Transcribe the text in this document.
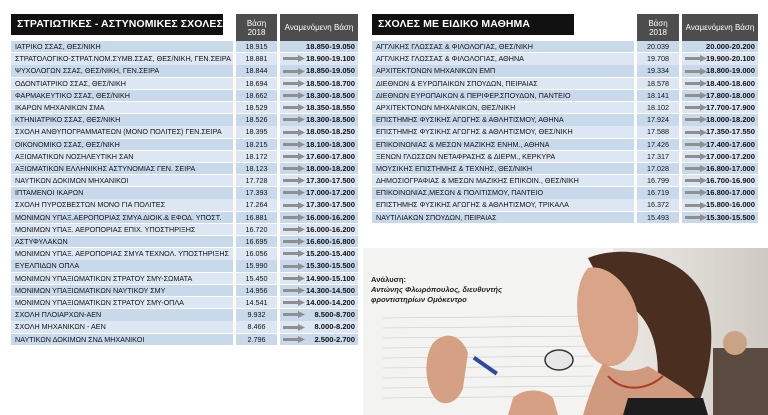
ΣΤΡΑΤΙΩΤΙΚΕΣ - ΑΣΤΥΝΟΜΙΚΕΣ ΣΧΟΛΕΣ	Βάση 2018	Αναμενόμενη Βάση
ΙΑΤΡΙΚΟ ΣΣΑΣ, ΘΕΣ/ΝΙΚΗ	18.915	18.850-19.050
ΣΤΡΑΤΟΛΟΓΙΚΟ-ΣΤΡΑΤ.ΝΟΜ.ΣΥΜΒ.ΣΣΑΣ, ΘΕΣ/ΝΙΚΗ, ΓΕΝ.ΣΕΙΡΑ	18.881	18.900-19.100
ΨΥΧΟΛΟΓΩΝ ΣΣΑΣ, ΘΕΣ/ΝΙΚΗ, ΓΕΝ.ΣΕΙΡΑ	18.844	18.850-19.050
ΟΔΟΝΤΙΑΤΡΙΚΟ ΣΣΑΣ, ΘΕΣ/ΝΙΚΗ	18.694	18.500-18.700
ΦΑΡΜΑΚΕΥΤΙΚΟ ΣΣΑΣ, ΘΕΣ/ΝΙΚΗ	18.662	18.300-18.500
ΙΚΑΡΩΝ ΜΗΧΑΝΙΚΩΝ ΣΜΑ	18.529	18.350-18.550
ΚΤΗΝΙΑΤΡΙΚΟ ΣΣΑΣ, ΘΕΣ/ΝΙΚΗ	18.526	18.300-18.500
ΣΧΟΛΗ ΑΝΘΥΠΟΓΡΑΜΜΑΤΕΩΝ (ΜΟΝΟ ΠΟΛΙΤΕΣ) ΓΕΝ.ΣΕΙΡΑ	18.395	18.050-18.250
ΟΙΚΟΝΟΜΙΚΟ ΣΣΑΣ, ΘΕΣ/ΝΙΚΗ	18.215	18.100-18.300
ΑΞΙΩΜΑΤΙΚΩΝ ΝΟΣΗΛΕΥΤΙΚΗ ΣΑΝ	18.172	17.600-17.800
ΑΞΙΩΜΑΤΙΚΩΝ ΕΛΛΗΝΙΚΗΣ ΑΣΤΥΝΟΜΙΑΣ ΓΕΝ. ΣΕΙΡΑ	18.123	18.000-18.200
ΝΑΥΤΙΚΩΝ ΔΟΚΙΜΩΝ ΜΗΧΑΝΙΚΟΙ	17.728	17.300-17.500
ΙΠΤΑΜΕΝΟΙ ΙΚΑΡΩΝ	17.393	17.000-17.200
ΣΧΟΛΗ ΠΥΡΟΣΒΕΣΤΩΝ ΜΟΝΟ ΓΙΑ ΠΟΛΙΤΕΣ	17.264	17.300-17.500
ΜΟΝΙΜΩΝ ΥΠΑΞ.ΑΕΡΟΠΟΡΙΑΣ ΣΜΥΑ ΔΙΟΙΚ.& ΕΦΟΔ. ΥΠΟΣΤ.	16.881	16.000-16.200
ΜΟΝΙΜΩΝ ΥΠΑΞ. ΑΕΡΟΠΟΡΙΑΣ ΕΠΙΧ. ΥΠΟΣΤΗΡΙΞΗΣ	16.720	16.000-16.200
ΑΣΤΥΦΥΛΑΚΩΝ	16.695	16.600-16.800
ΜΟΝΙΜΩΝ ΥΠΑΞ. ΑΕΡΟΠΟΡΙΑΣ ΣΜΥΑ ΤΕΧΝΟΛ. ΥΠΟΣΤΗΡΙΞΗΣ	16.056	15.200-15.400
ΕΥΕΛΠΙΔΩΝ ΟΠΛΑ	15.990	15.300-15.500
ΜΟΝΙΜΩΝ ΥΠΑΞΙΩΜΑΤΙΚΩΝ ΣΤΡΑΤΟΥ ΣΜΥ-ΣΩΜΑΤΑ	15.450	14.900-15.100
ΜΟΝΙΜΩΝ ΥΠΑΞΙΩΜΑΤΙΚΩΝ ΝΑΥΤΙΚΟΥ ΣΜΥ	14.956	14.300-14.500
ΜΟΝΙΜΩΝ ΥΠΑΞΙΩΜΑΤΙΚΩΝ ΣΤΡΑΤΟΥ ΣΜΥ-ΟΠΛΑ	14.541	14.000-14.200
ΣΧΟΛΗ ΠΛΟΙΑΡΧΩΝ-ΑΕΝ	9.932	8.500-8.700
ΣΧΟΛΗ ΜΗΧΑΝΙΚΩΝ - ΑΕΝ	8.466	8.000-8.200
ΝΑΥΤΙΚΩΝ ΔΟΚΙΜΩΝ ΣΝΔ ΜΗΧΑΝΙΚΟΙ	2.796	2.500-2.700
ΣΧΟΛΕΣ ΜΕ ΕΙΔΙΚΟ ΜΑΘΗΜΑ	Βάση 2018	Αναμενόμενη Βάση
ΑΓΓΛΙΚΗΣ ΓΛΩΣΣΑΣ & ΦΙΛΟΛΟΓΙΑΣ, ΘΕΣ/ΝΙΚΗ	20.039	20.000-20.200
ΑΓΓΛΙΚΗΣ ΓΛΩΣΣΑΣ & ΦΙΛΟΛΟΓΙΑΣ, ΑΘΗΝΑ	19.708	19.900-20.100
ΑΡΧΙΤΕΚΤΟΝΩΝ ΜΗΧΑΝΙΚΩΝ ΕΜΠ	19.334	18.800-19.000
ΔΙΕΘΝΩΝ & ΕΥΡΩΠΑΙΚΩΝ ΣΠΟΥΔΩΝ, ΠΕΙΡΑΙΑΣ	18.578	18.400-18.600
ΔΙΕΘΝΩΝ ΕΥΡΩΠΑΙΚΩΝ & ΠΕΡΙΦΕΡ.ΣΠΟΥΔΩΝ, ΠΑΝΤΕΙΟ	18.141	17.800-18.000
ΑΡΧΙΤΕΚΤΟΝΩΝ ΜΗΧΑΝΙΚΩΝ, ΘΕΣ/ΝΙΚΗ	18.102	17.700-17.900
ΕΠΙΣΤΗΜΗΣ ΦΥΣΙΚΗΣ ΑΓΩΓΗΣ & ΑΘΛΗΤΙΣΜΟΥ, ΑΘΗΝΑ	17.924	18.000-18.200
ΕΠΙΣΤΗΜΗΣ ΦΥΣΙΚΗΣ ΑΓΩΓΗΣ & ΑΘΛΗΤΙΣΜΟΥ, ΘΕΣ/ΝΙΚΗ	17.588	17.350-17.550
ΕΠΙΚΟΙΝΩΝΙΑΣ & ΜΕΣΩΝ ΜΑΖΙΚΗΣ ΕΝΗΜ., ΑΘΗΝΑ	17.426	17.400-17.600
ΞΕΝΩΝ ΓΛΩΣΣΩΝ ΝΕΤΑΦΡΑΣΗΣ & ΔΙΕΡΜ., ΚΕΡΚΥΡΑ	17.317	17.000-17.200
ΜΟΥΣΙΚΗΣ ΕΠΙΣΤΗΜΗΣ & ΤΕΧΝΗΣ, ΘΕΣ/ΝΙΚΗ	17.028	16.800-17.000
ΔΗΜΟΣΙΟΓΡΑΦΙΑΣ & ΜΕΣΩΝ ΜΑΖΙΚΗΣ ΕΠΙΚΟΙΝ., ΘΕΣ/ΝΙΚΗ	16.799	16.700-16.900
ΕΠΙΚΟΙΝΩΝΙΑΣ,ΜΕΣΩΝ & ΠΟΛΙΤΙΣΜΟΥ, ΠΑΝΤΕΙΟ	16.719	16.800-17.000
ΕΠΙΣΤΗΜΗΣ ΦΥΣΙΚΗΣ ΑΓΩΓΗΣ & ΑΘΛΗΤΙΣΜΟΥ, ΤΡΙΚΑΛΑ	16.372	15.800-16.000
ΝΑΥΤΙΛΙΑΚΩΝ ΣΠΟΥΔΩΝ, ΠΕΙΡΑΙΑΣ	15.493	15.300-15.500
Ανάλυση:
Αντώνης Φλωρόπουλος, διευθυντής φροντιστηρίων Ομόκεντρο
